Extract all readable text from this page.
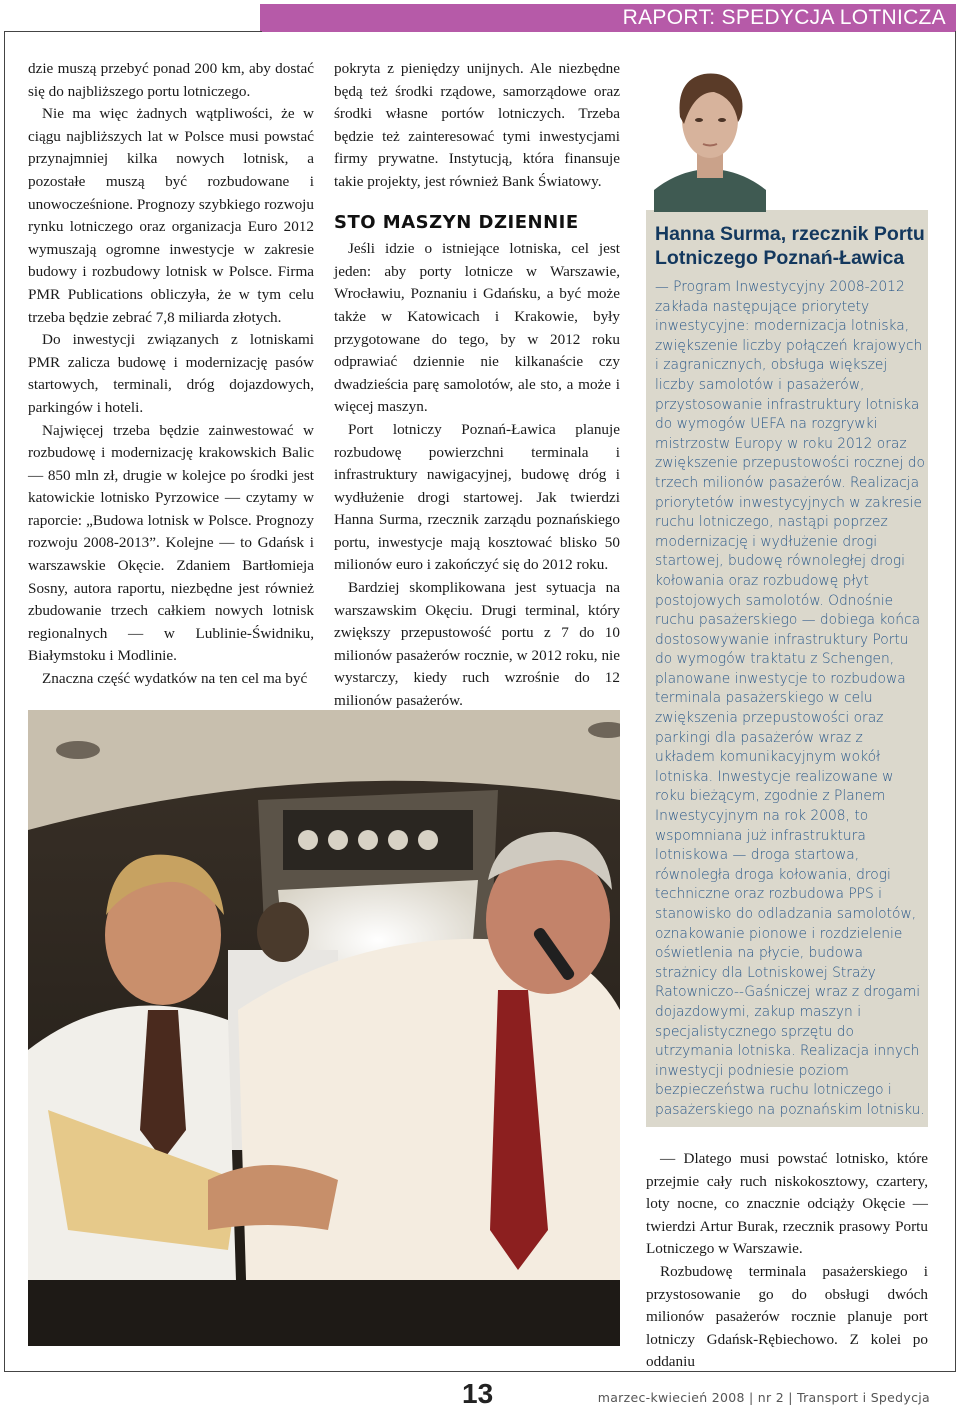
RAPORT: SPEDYCJA LOTNICZA

dzie muszą przebyć ponad 200 km, aby dostać się do najbliższego portu lotniczego.

Nie ma więc żadnych wątpliwości, że w ciągu najbliższych lat w Polsce musi powstać przynajmniej kilka nowych lotnisk, a pozostałe muszą być rozbudowane i unowocześnione. Prognozy szybkiego rozwoju rynku lotniczego oraz organizacja Euro 2012 wymuszają ogromne inwestycje w zakresie budowy i rozbudowy lotnisk w Polsce. Firma PMR Publications obliczyła, że w tym celu trzeba będzie zebrać 7,8 miliarda złotych.

Do inwestycji związanych z lotniskami PMR zalicza budowę i modernizację pasów startowych, terminali, dróg dojazdowych, parkingów i hoteli.

Najwięcej trzeba będzie zainwestować w rozbudowę i modernizację krakowskich Balic — 850 mln zł, drugie w kolejce po środki jest katowickie lotnisko Pyrzowice — czytamy w raporcie: „Budowa lotnisk w Polsce. Prognozy rozwoju 2008-2013”. Kolejne — to Gdańsk i warszawskie Okęcie. Zdaniem Bartłomieja Sosny, autora raportu, niezbędne jest również zbudowanie trzech całkiem nowych lotnisk regionalnych — w Lublinie-Świdniku, Białymstoku i Modlinie.

Znaczna część wydatków na ten cel ma być

pokryta z pieniędzy unijnych. Ale niezbędne będą też środki rządowe, samorządowe oraz środki własne portów lotniczych. Trzeba będzie też zainteresować tymi inwestycjami firmy prywatne. Instytucją, która finansuje takie projekty, jest również Bank Światowy.

STO MASZYN DZIENNIE

Jeśli idzie o istniejące lotniska, cel jest jeden: aby porty lotnicze w Warszawie, Wrocławiu, Poznaniu i Gdańsku, a być może także w Katowicach i Krakowie, były przygotowane do tego, by w 2012 roku odprawiać dziennie nie kilkanaście czy dwadzieścia parę samolotów, ale sto, a może i więcej maszyn.

Port lotniczy Poznań-Ławica planuje rozbudowę powierzchni terminala i infrastruktury nawigacyjnej, budowę dróg i wydłużenie drogi startowej. Jak twierdzi Hanna Surma, rzecznik zarządu poznańskiego portu, inwestycje mają kosztować blisko 50 milionów euro i zakończyć się do 2012 roku.

Bardziej skomplikowana jest sytuacja na warszawskim Okęciu. Drugi terminal, który zwiększy przepustowość portu z 7 do 10 milionów pasażerów rocznie, w 2012 roku, nie wystarczy, kiedy ruch wzrośnie do 12 milionów pasażerów.

Hanna Surma, rzecznik Portu Lotniczego Poznań-Ławica
— Program Inwestycyjny 2008-2012 zakłada następujące priorytety inwestycyjne: modernizacja lotniska, zwiększenie liczby połączeń krajowych i zagranicznych, obsługa większej liczby samolotów i pasażerów, przystosowanie infrastruktury lotniska do wymogów UEFA na rozgrywki mistrzostw Europy w roku 2012 oraz zwiększenie przepustowości rocznej do trzech milionów pasażerów. Realizacja priorytetów inwestycyjnych w zakresie ruchu lotniczego, nastąpi poprzez modernizację i wydłużenie drogi startowej, budowę równoległej drogi kołowania oraz rozbudowę płyt postojowych samolotów. Odnośnie ruchu pasażerskiego — dobiega końca dostosowywanie infrastruktury Portu do wymogów traktatu z Schengen, planowane inwestycje to rozbudowa terminala pasażerskiego w celu zwiększenia przepustowości oraz parkingi dla pasażerów wraz z układem komunikacyjnym wokół lotniska. Inwestycje realizowane w roku bieżącym, zgodnie z Planem Inwestycyjnym na rok 2008, to wspomniana już infrastruktura lotniskowa — droga startowa, równoległa droga kołowania, drogi techniczne oraz rozbudowa PPS i stanowisko do odladzania samolotów, oznakowanie pionowe i rozdzielenie oświetlenia na płycie, budowa strażnicy dla Lotniskowej Straży Ratowniczo--Gaśniczej wraz z drogami dojazdowymi, zakup maszyn i specjalistycznego sprzętu do utrzymania lotniska. Realizacja innych inwestycji podniesie poziom bezpieczeństwa ruchu lotniczego i pasażerskiego na poznańskim lotnisku.

— Dlatego musi powstać lotnisko, które przejmie cały ruch niskokosztowy, czartery, loty nocne, co znacznie odciąży Okęcie — twierdzi Artur Burak, rzecznik prasowy Portu Lotniczego w Warszawie.

Rozbudowę terminala pasażerskiego i przystosowanie go do obsługi dwóch milionów pasażerów rocznie planuje port lotniczy Gdańsk-Rębiechowo. Z kolei po oddaniu

13	marzec-kwiecień 2008 | nr 2 | Transport i Spedycja
